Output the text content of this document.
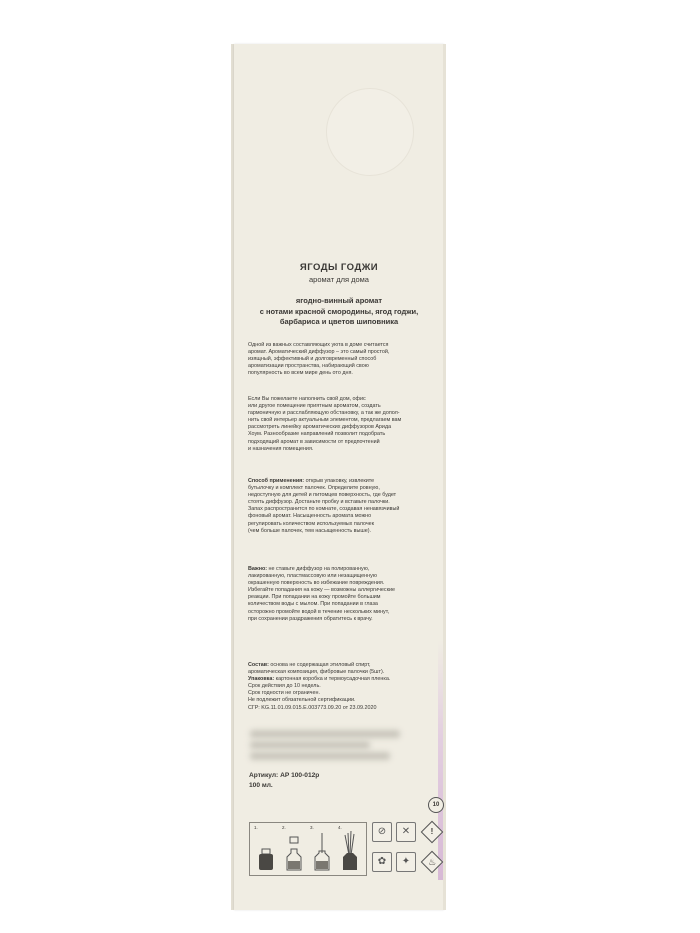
ЯГОДЫ ГОДЖИ
аромат для дома
ягодно-винный аромат
с нотами красной смородины, ягод годжи,
барбариса и цветов шиповника
Одной из важных составляющих уюта в доме считается
аромат. Ароматический диффузор – это самый простой,
изящный, эффективный и долговременный способ
ароматизации пространства, набирающий свою
популярность во всем мире день ото дня.
Если Вы пожелаете наполнить свой дом, офис
или другое помещение приятным ароматом, создать
гармоничную и расслабляющую обстановку, а так же допол-
нить свой интерьер актуальным элементом, предлагаем вам
рассмотреть линейку ароматических диффузоров Арида
Хоум. Разнообразие направлений позволит подобрать
подходящий аромат в зависимости от предпочтений
и назначения помещения.
Способ применения: открыв упаковку, извлеките
бутылочку и комплект палочек. Определите ровную,
недоступную для детей и питомцев поверхность, где будет
стоять диффузор. Достаньте пробку и вставьте палочки.
Запах распространится по комнате, создавая ненавязчивый
фоновый аромат. Насыщенность аромата можно
регулировать количеством используемых палочек
(чем больше палочек, тем насыщенность выше).
Важно: не ставьте диффузор на полированную,
лакированную, пластмассовую или незащищенную
окрашенную поверхность во избежание повреждения.
Избегайте попадания на кожу — возможны аллергические
реакции. При попадании на кожу промойте большим
количеством воды с мылом. При попадании в глаза
осторожно промойте водой в течение нескольких минут,
при сохранении раздражения обратитесь к врачу.
Состав: основа не содержащая этиловый спирт,
ароматическая композиция, фибровые палочки (5шт).
Упаковка: картонная коробка и термоусадочная пленка.
Срок действия до 10 недель.
Срок годности не ограничен.
Не подлежит обязательной сертификации.
СГР: KG.11.01.09.015.Е.003773.09.20 от 23.09.2020
Артикул: АР 100-012р
100 мл.
10
1.	2.	3.	4.	⊘	✕	!
✿	✦	♨
